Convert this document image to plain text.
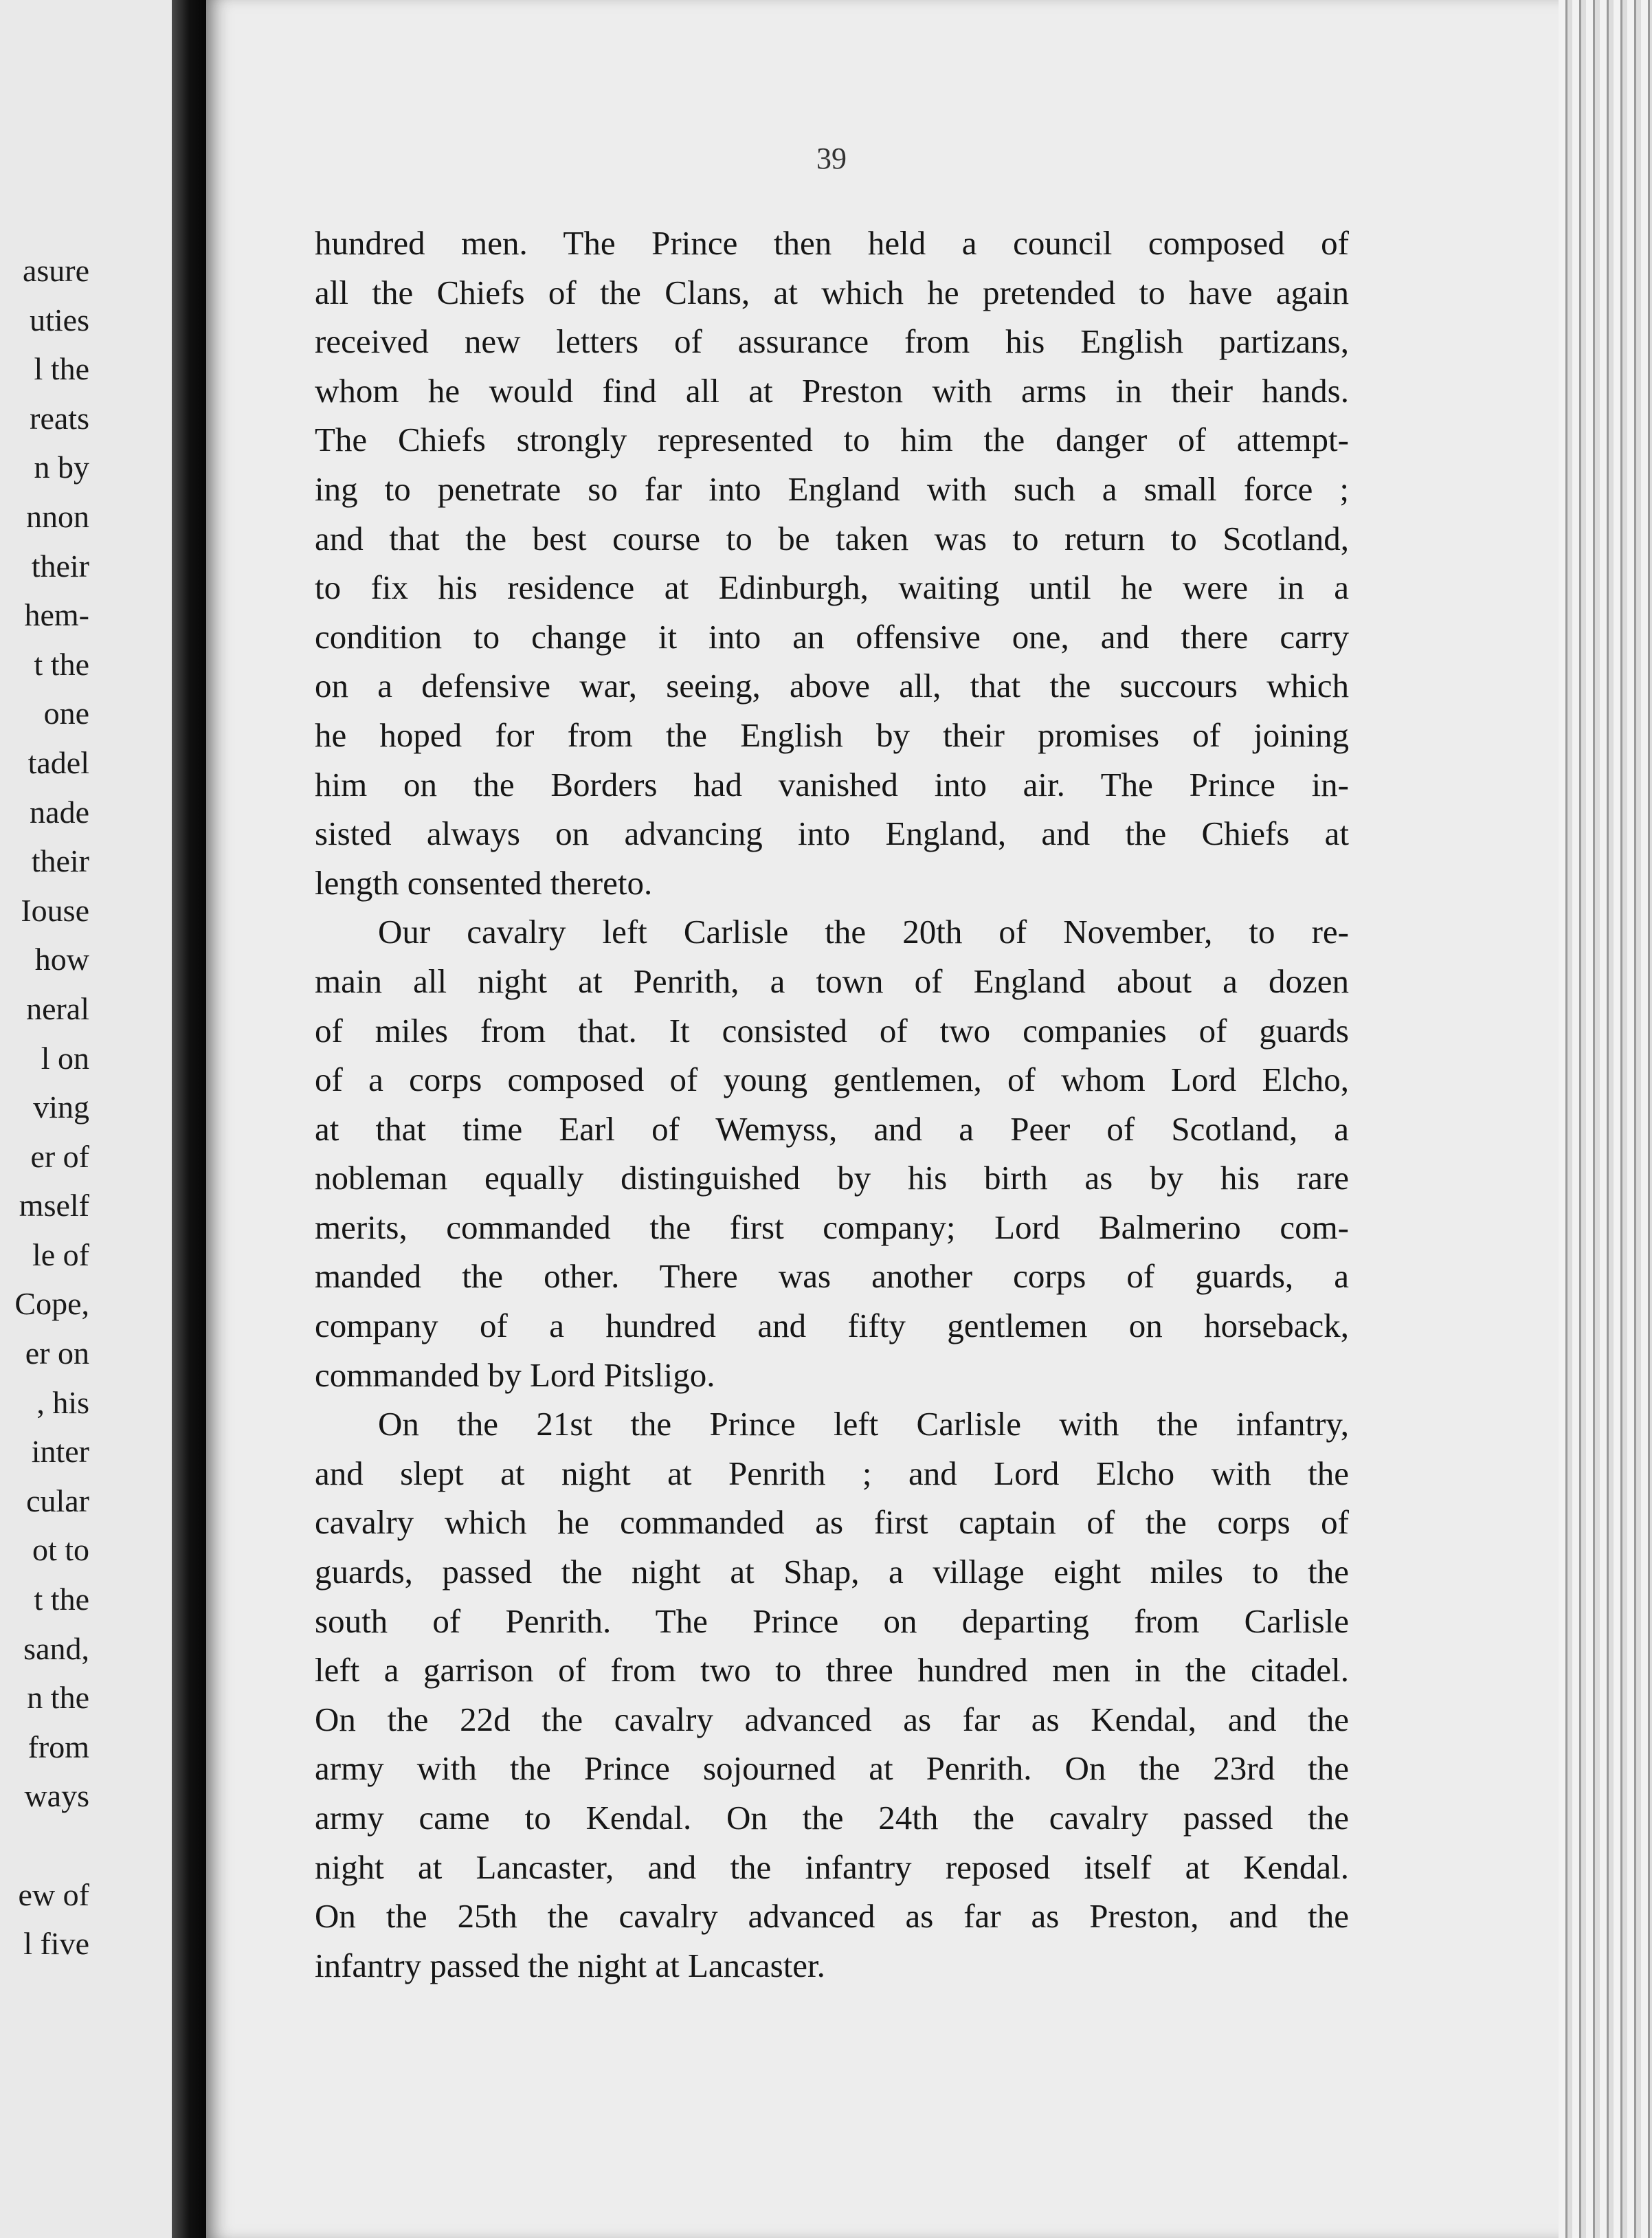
asure
uties
l the
reats
n by
nnon
their
hem-
t the
one
tadel
nade
their
Iouse
how
neral
l on
ving
er of
mself
le of
Cope,
er on
, his
inter
cular
ot to
t the
sand,
n the
from
ways
ew of
l five
39
hundred men. The Prince then held a council composed of
all the Chiefs of the Clans, at which he pretended to have again
received new letters of assurance from his English partizans,
whom he would find all at Preston with arms in their hands.
The Chiefs strongly represented to him the danger of attempt-
ing to penetrate so far into England with such a small force ;
and that the best course to be taken was to return to Scotland,
to fix his residence at Edinburgh, waiting until he were in a
condition to change it into an offensive one, and there carry
on a defensive war, seeing, above all, that the succours which
he hoped for from the English by their promises of joining
him on the Borders had vanished into air. The Prince in-
sisted always on advancing into England, and the Chiefs at
length consented thereto.
Our cavalry left Carlisle the 20th of November, to re-
main all night at Penrith, a town of England about a dozen
of miles from that. It consisted of two companies of guards
of a corps composed of young gentlemen, of whom Lord Elcho,
at that time Earl of Wemyss, and a Peer of Scotland, a
nobleman equally distinguished by his birth as by his rare
merits, commanded the first company; Lord Balmerino com-
manded the other. There was another corps of guards, a
company of a hundred and fifty gentlemen on horseback,
commanded by Lord Pitsligo.
On the 21st the Prince left Carlisle with the infantry,
and slept at night at Penrith ; and Lord Elcho with the
cavalry which he commanded as first captain of the corps of
guards, passed the night at Shap, a village eight miles to the
south of Penrith. The Prince on departing from Carlisle
left a garrison of from two to three hundred men in the citadel.
On the 22d the cavalry advanced as far as Kendal, and the
army with the Prince sojourned at Penrith. On the 23rd the
army came to Kendal. On the 24th the cavalry passed the
night at Lancaster, and the infantry reposed itself at Kendal.
On the 25th the cavalry advanced as far as Preston, and the
infantry passed the night at Lancaster.
